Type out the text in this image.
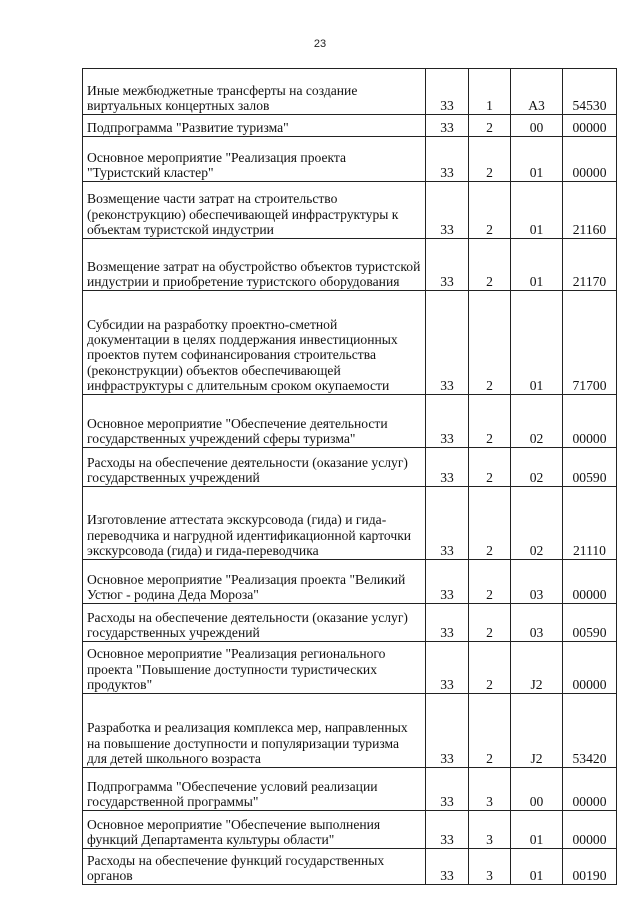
23
Иные межбюджетные трансферты на создание виртуальных концертных залов	33	1	A3	54530
Подпрограмма "Развитие туризма"	33	2	00	00000
Основное мероприятие "Реализация проекта "Туристский кластер"	33	2	01	00000
Возмещение части затрат на строительство (реконструкцию) обеспечивающей инфраструктуры к объектам туристской индустрии	33	2	01	21160
Возмещение затрат на обустройство объектов туристской индустрии и приобретение туристского оборудования	33	2	01	21170
Субсидии на разработку проектно-сметной документации в целях поддержания инвестиционных проектов путем софинансирования строительства (реконструкции) объектов обеспечивающей инфраструктуры с длительным сроком окупаемости	33	2	01	71700
Основное мероприятие "Обеспечение деятельности государственных учреждений сферы туризма"	33	2	02	00000
Расходы на обеспечение деятельности (оказание услуг) государственных учреждений	33	2	02	00590
Изготовление аттестата экскурсовода (гида) и гида-переводчика и нагрудной идентификационной карточки экскурсовода (гида) и гида-переводчика	33	2	02	21110
Основное мероприятие "Реализация проекта "Великий Устюг - родина Деда Мороза"	33	2	03	00000
Расходы на обеспечение деятельности (оказание услуг) государственных учреждений	33	2	03	00590
Основное мероприятие "Реализация регионального проекта "Повышение доступности туристических продуктов"	33	2	J2	00000
Разработка и реализация комплекса мер, направленных на повышение доступности и популяризации туризма для детей школьного возраста	33	2	J2	53420
Подпрограмма "Обеспечение условий реализации государственной программы"	33	3	00	00000
Основное мероприятие "Обеспечение выполнения функций Департамента культуры области"	33	3	01	00000
Расходы на обеспечение функций государственных органов	33	3	01	00190
